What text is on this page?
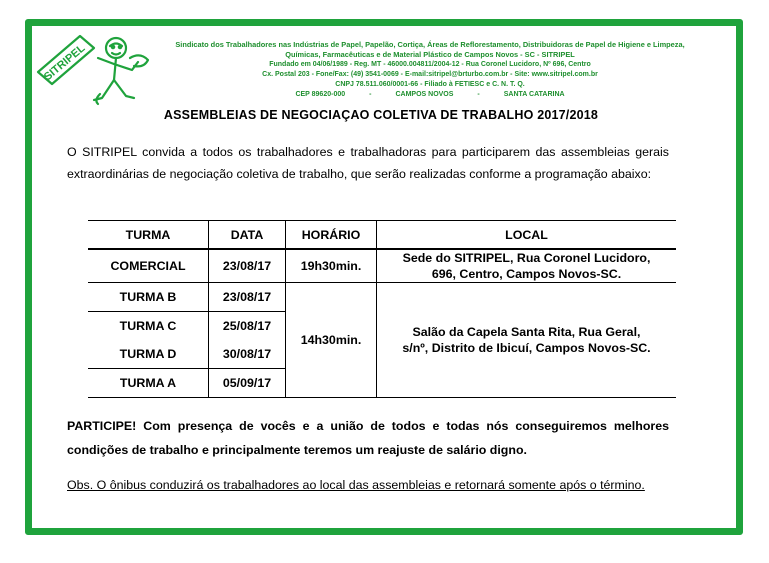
SITRIPEL	Sindicato dos Trabalhadores nas Indústrias de Papel, Papelão, Cortiça, Áreas de Reflorestamento, Distribuidoras de Papel de Higiene e Limpeza,
Químicas, Farmacêuticas e de Material Plástico de Campos Novos - SC - SITRIPEL
Fundado em 04/06/1989 - Reg. MT - 46000.004811/2004-12 - Rua Coronel Lucidoro, Nº 696, Centro
Cx. Postal 203 - Fone/Fax: (49) 3541-0069 - E-mail:sitripel@brturbo.com.br - Site: www.sitripel.com.br
CNPJ 78.511.060/0001-66 - Filiado à FETIESC e C. N. T. Q.
CEP 89620-000	-	CAMPOS NOVOS	-	SANTA CATARINA
ASSEMBLEIAS DE NEGOCIAÇAO COLETIVA DE TRABALHO 2017/2018
O SITRIPEL convida a todos os trabalhadores e trabalhadoras para participarem das assembleias gerais extraordinárias de negociação coletiva de trabalho, que serão realizadas conforme a programação abaixo:
TURMA	DATA	HORÁRIO	LOCAL
COMERCIAL	23/08/17	19h30min.	Sede do SITRIPEL, Rua Coronel Lucidoro,
696, Centro, Campos Novos-SC.

TURMA B	23/08/17	14h30min.	Salão da Capela Santa Rita, Rua Geral,
s/nº, Distrito de Ibicuí, Campos Novos-SC.

TURMA C	25/08/17		
TURMA D	30/08/17		
TURMA A	05/09/17		
PARTICIPE! Com presença de vocês e a união de todos e todas nós conseguiremos melhores condições de trabalho e principalmente teremos um reajuste de salário digno.
Obs. O ônibus conduzirá os trabalhadores ao local das assembleias e retornará somente após o término.
